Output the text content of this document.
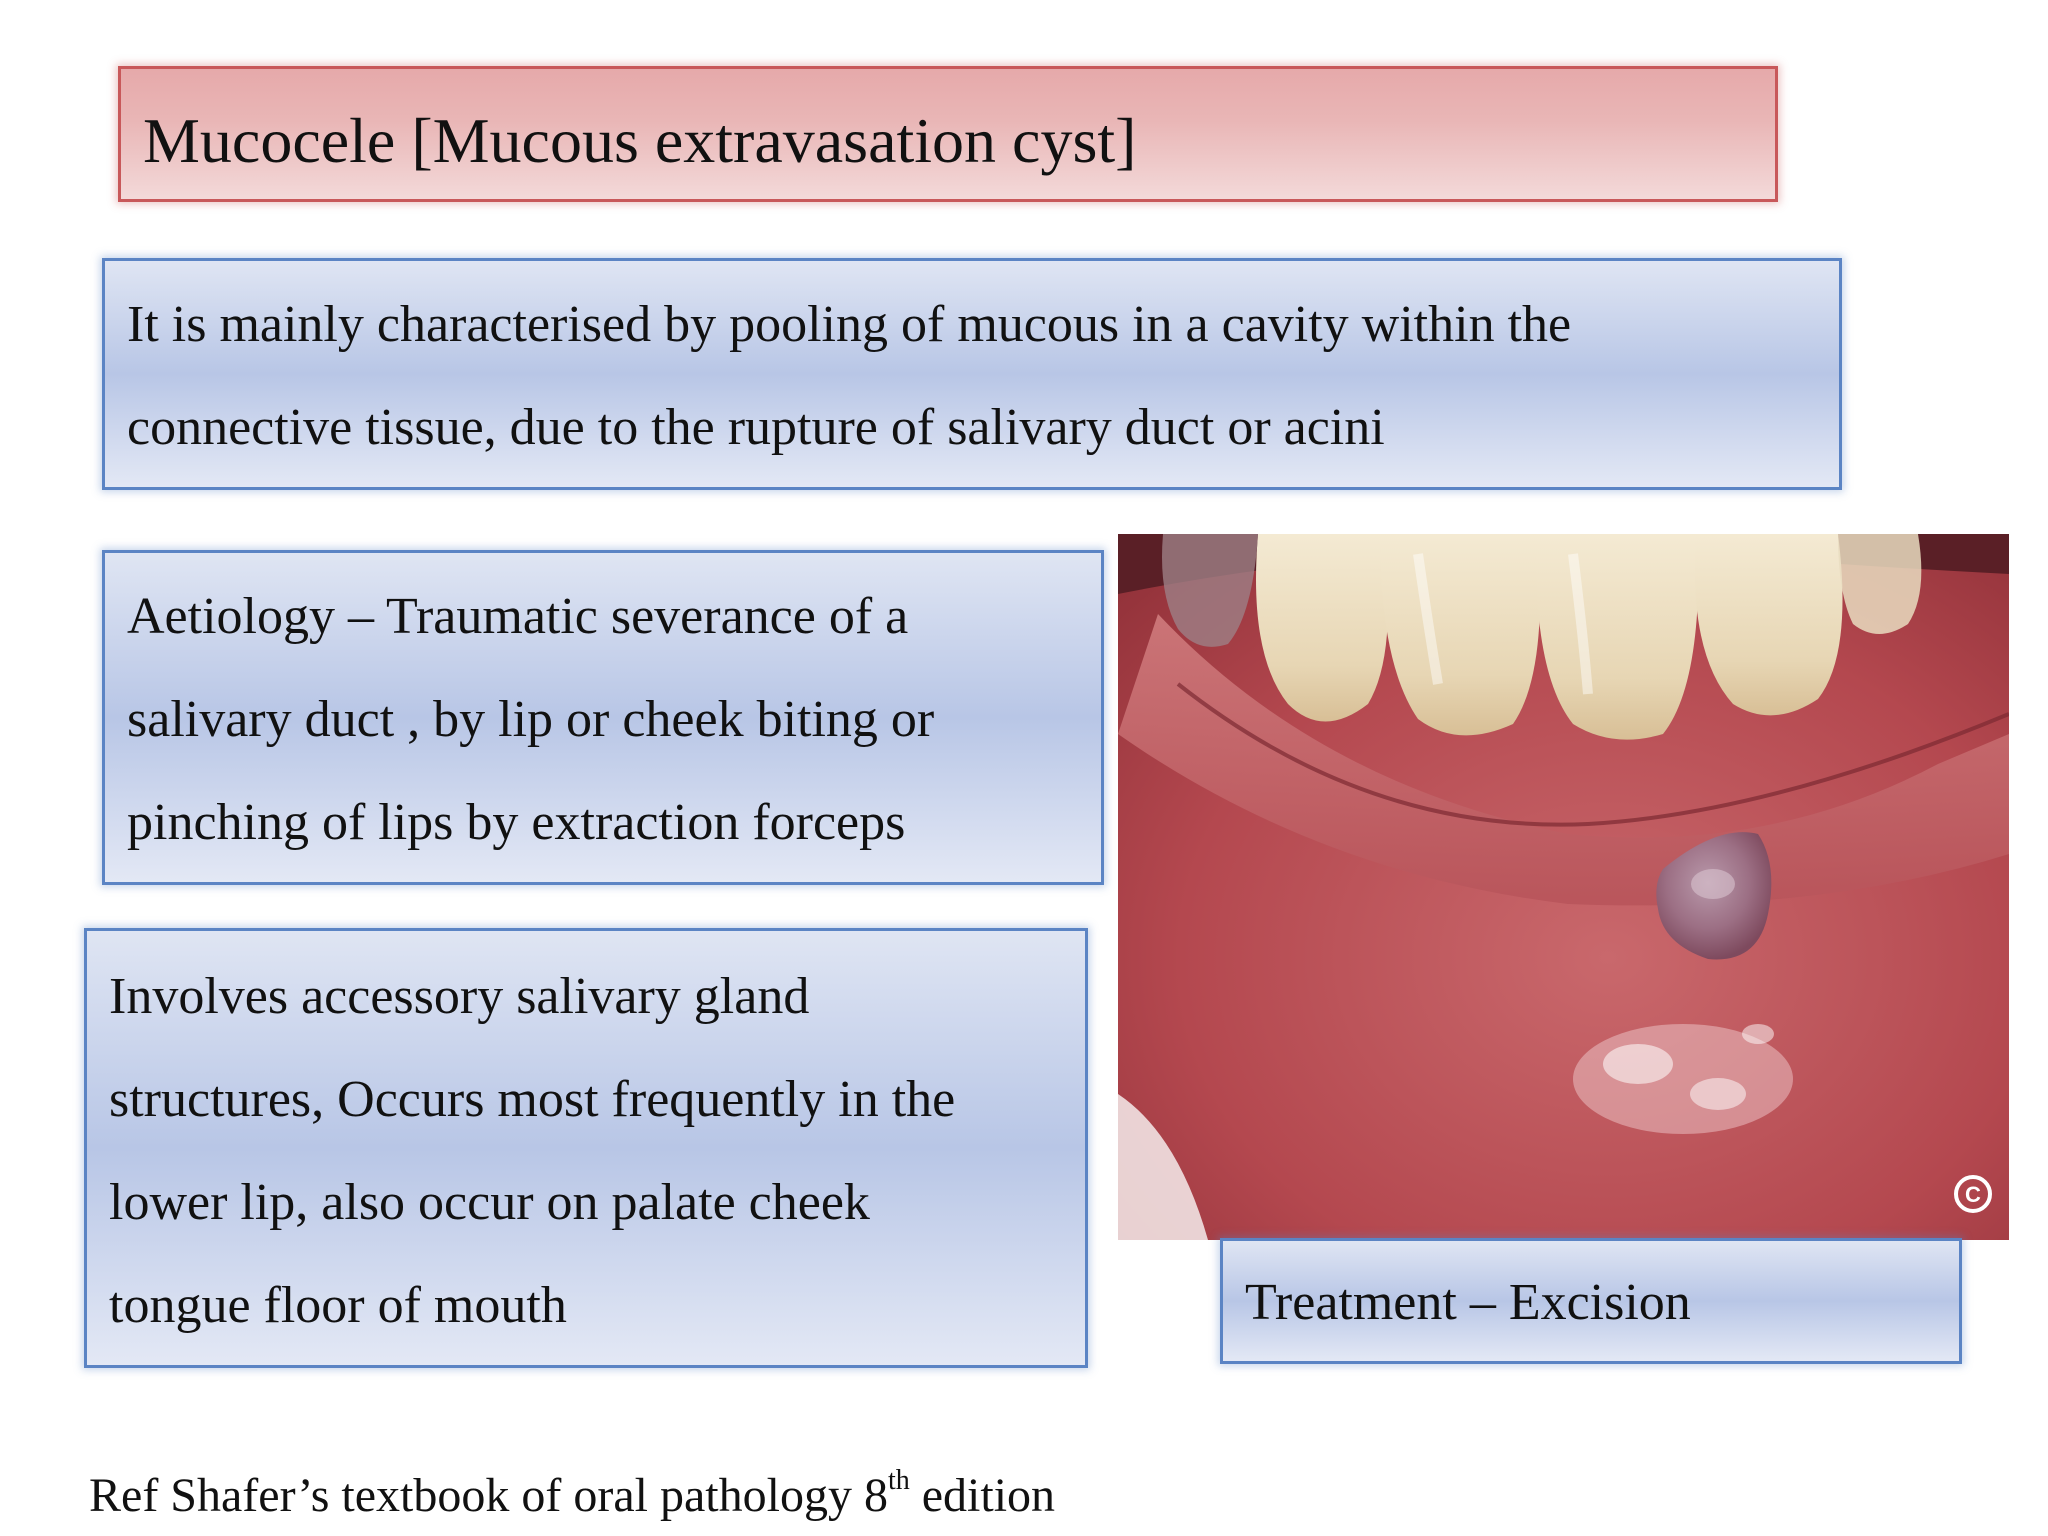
Mucocele [Mucous extravasation cyst]
It is mainly characterised by pooling of mucous in a cavity within the
connective tissue, due to the rupture of salivary duct or acini
Aetiology – Traumatic severance of a
salivary duct , by lip or cheek biting or
pinching of lips by extraction forceps
Involves accessory salivary gland
structures, Occurs most frequently in the
lower lip, also occur on palate cheek
tongue floor of mouth
C
Treatment – Excision
Ref Shafer’s textbook of oral pathology 8th edition
